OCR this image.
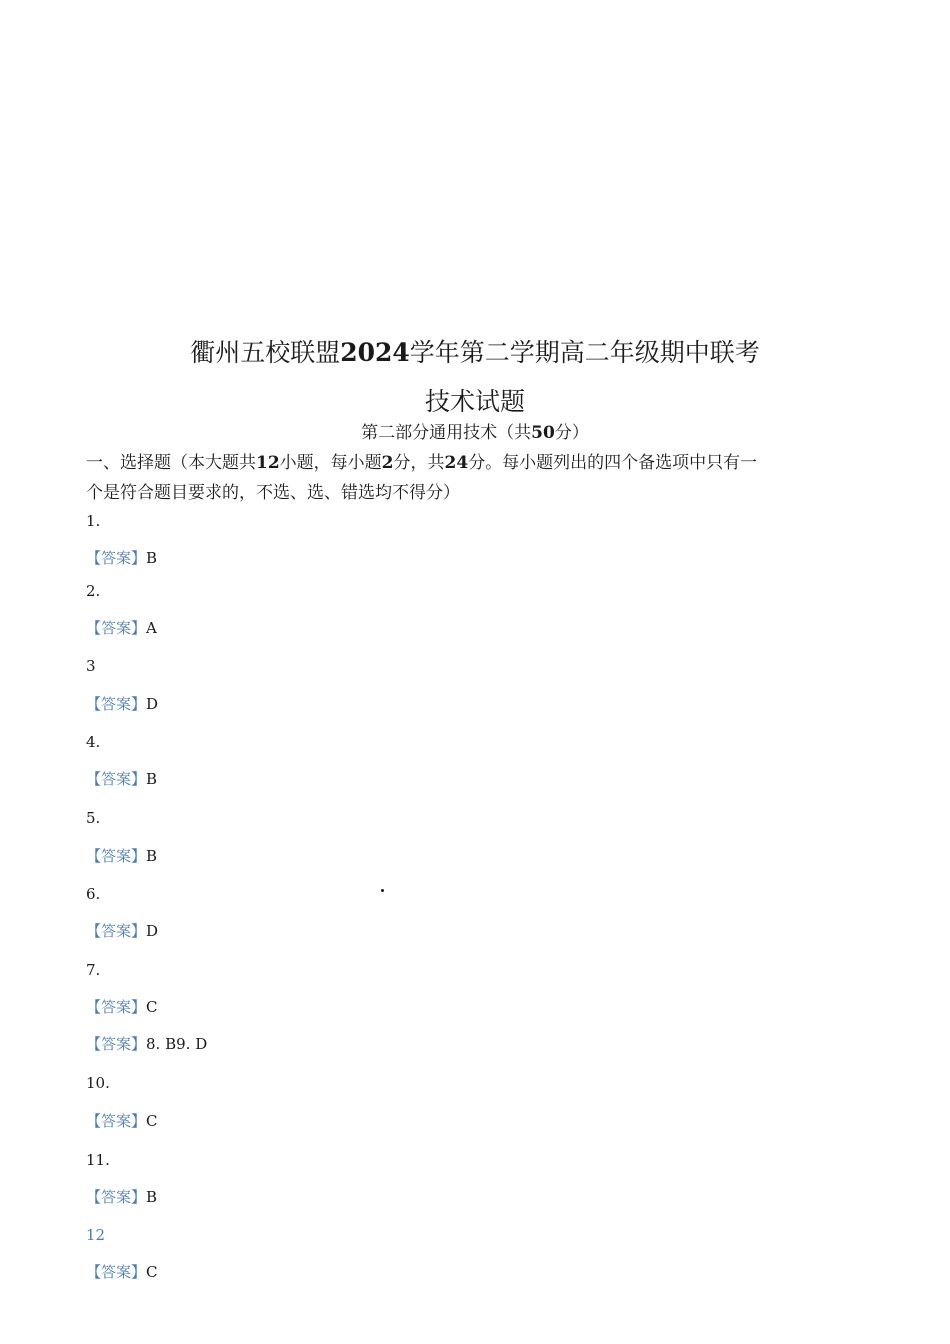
衢州五校联盟2024学年第二学期高二年级期中联考
技术试题
第二部分通用技术（共50分）
一、选择题（本大题共12小题，每小题2分，共24分。每小题列出的四个备选项中只有一
个是符合题目要求的，不选、选、错选均不得分）
1.
【答案】B
2.
【答案】A
3
【答案】D
4.
【答案】B
5.
【答案】B
6.
【答案】D
7.
【答案】C
【答案】8. B9. D
10.
【答案】C
11.
【答案】B
12
【答案】C
